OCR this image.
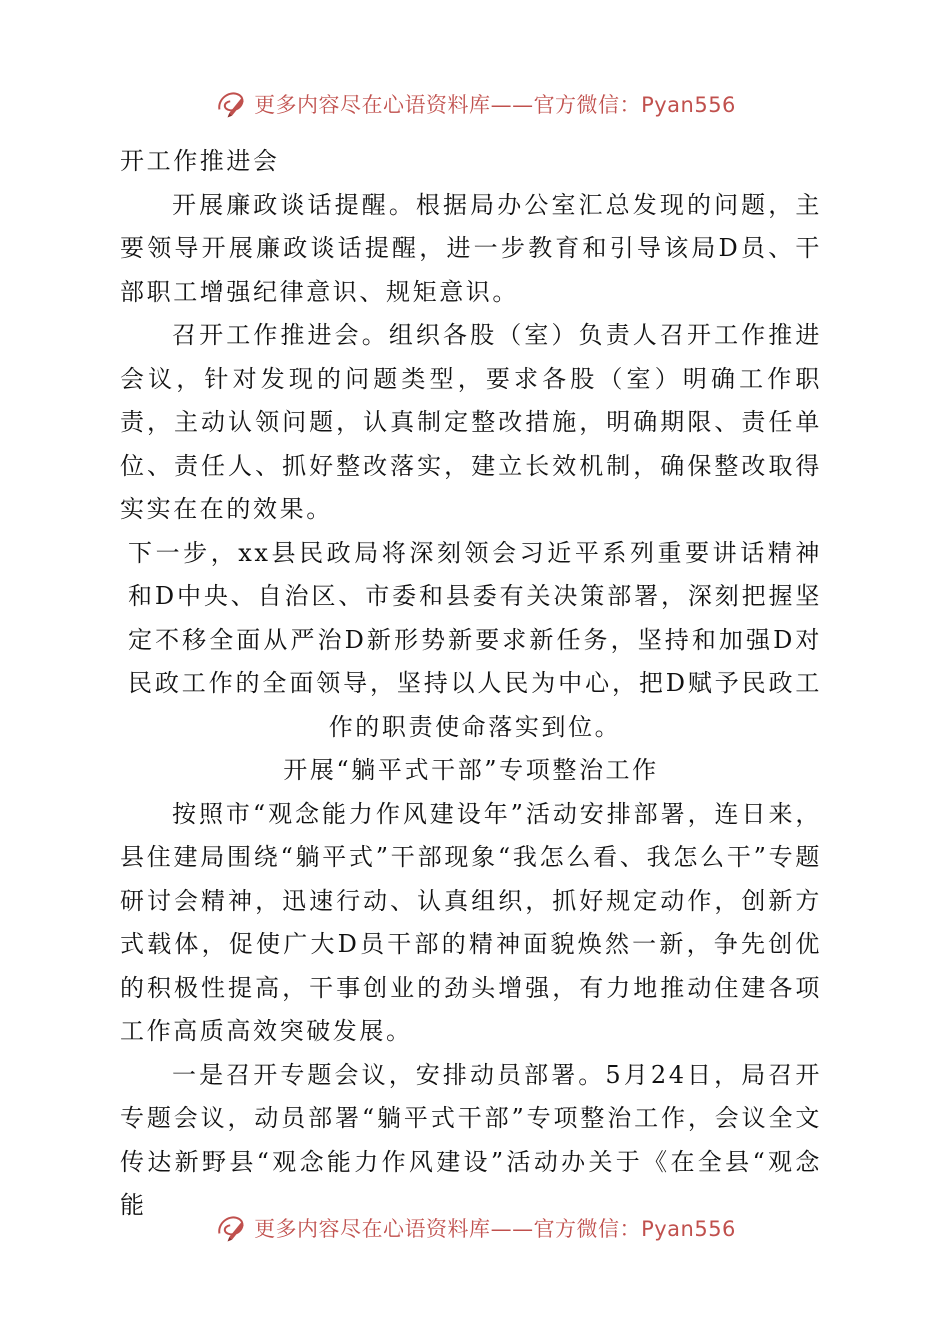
更多内容尽在心语资料库——官方微信：Pyan556

开工作推进会

开展廉政谈话提醒。根据局办公室汇总发现的问题，主要领导开展廉政谈话提醒，进一步教育和引导该局D员、干部职工增强纪律意识、规矩意识。

召开工作推进会。组织各股（室）负责人召开工作推进会议，针对发现的问题类型，要求各股（室）明确工作职责，主动认领问题，认真制定整改措施，明确期限、责任单位、责任人、抓好整改落实，建立长效机制，确保整改取得实实在在的效果。

下一步，xx县民政局将深刻领会习近平系列重要讲话精神和D中央、自治区、市委和县委有关决策部署，深刻把握坚定不移全面从严治D新形势新要求新任务，坚持和加强D对民政工作的全面领导，坚持以人民为中心，把D赋予民政工作的职责使命落实到位。

开展“躺平式干部”专项整治工作

按照市“观念能力作风建设年”活动安排部署，连日来，县住建局围绕“躺平式”干部现象“我怎么看、我怎么干”专题研讨会精神，迅速行动、认真组织，抓好规定动作，创新方式载体，促使广大D员干部的精神面貌焕然一新，争先创优的积极性提高，干事创业的劲头增强，有力地推动住建各项工作高质高效突破发展。

一是召开专题会议，安排动员部署。5月24日，局召开专题会议，动员部署“躺平式干部”专项整治工作，会议全文传达新野县“观念能力作风建设”活动办关于《在全县“观念能

更多内容尽在心语资料库——官方微信：Pyan556
